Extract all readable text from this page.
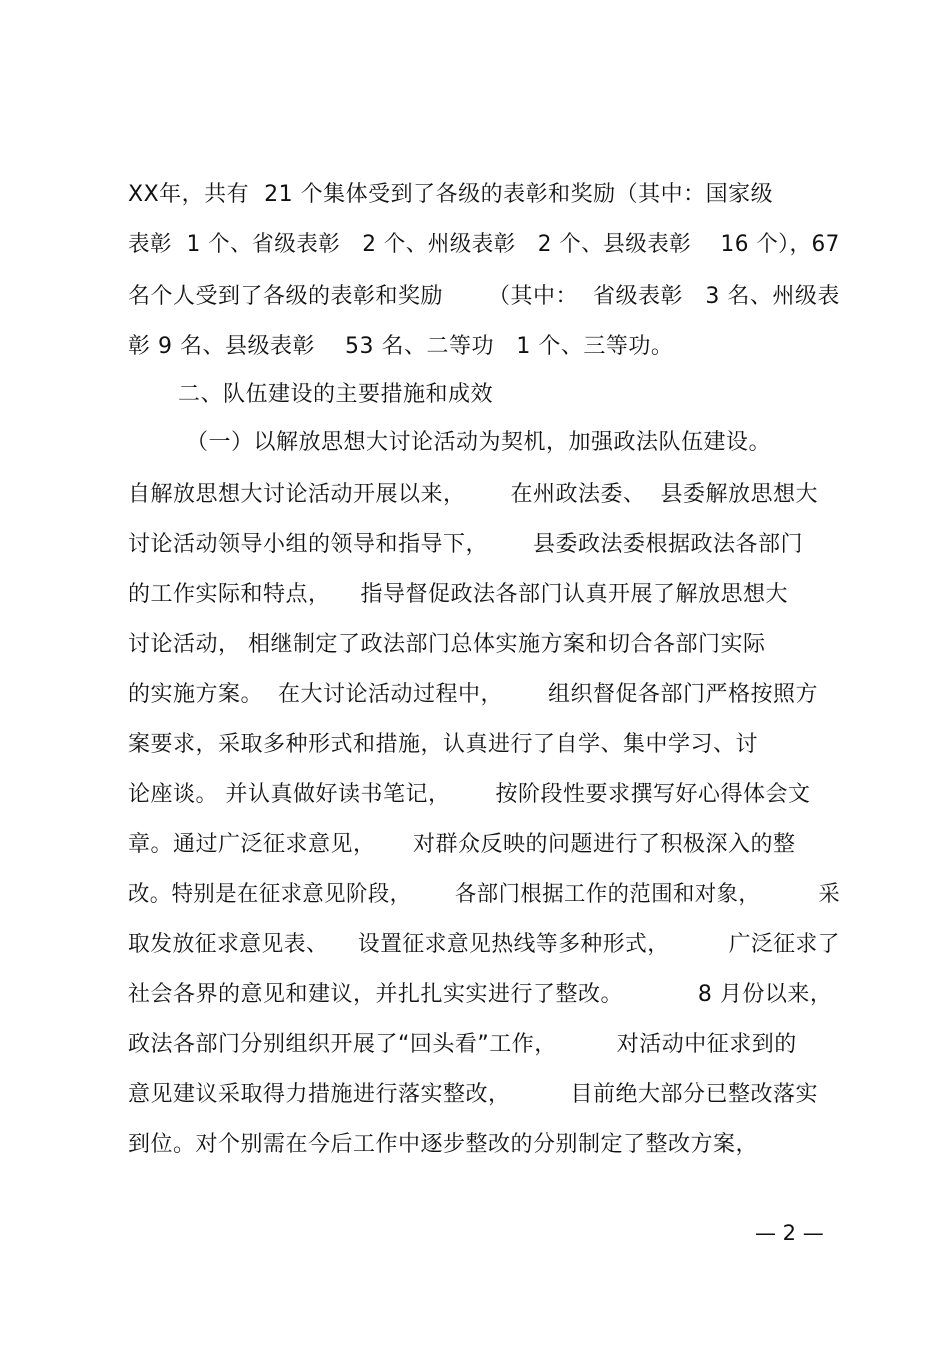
XX年，共有  21 个集体受到了各级的表彰和奖励（其中：国家级
表彰  1 个、省级表彰   2 个、州级表彰   2 个、县级表彰    16 个），67
名个人受到了各级的表彰和奖励      （其中：  省级表彰   3 名、州级表
彰 9 名、县级表彰    53 名、二等功   1 个、三等功。
二、队伍建设的主要措施和成效
（一）以解放思想大讨论活动为契机，加强政法队伍建设。
自解放思想大讨论活动开展以来，      在州政法委、  县委解放思想大
讨论活动领导小组的领导和指导下，      县委政法委根据政法各部门
的工作实际和特点，    指导督促政法各部门认真开展了解放思想大
讨论活动， 相继制定了政法部门总体实施方案和切合各部门实际
的实施方案。  在大讨论活动过程中，      组织督促各部门严格按照方
案要求，采取多种形式和措施，认真进行了自学、集中学习、讨
论座谈。 并认真做好读书笔记，      按阶段性要求撰写好心得体会文
章。通过广泛征求意见，     对群众反映的问题进行了积极深入的整
改。特别是在征求意见阶段，      各部门根据工作的范围和对象，        采
取发放征求意见表、    设置征求意见热线等多种形式，        广泛征求了
社会各界的意见和建议，并扎扎实实进行了整改。          8 月份以来，
政法各部门分别组织开展了“回头看”工作，        对活动中征求到的
意见建议采取得力措施进行落实整改，        目前绝大部分已整改落实
到位。对个别需在今后工作中逐步整改的分别制定了整改方案，
— 2 —
